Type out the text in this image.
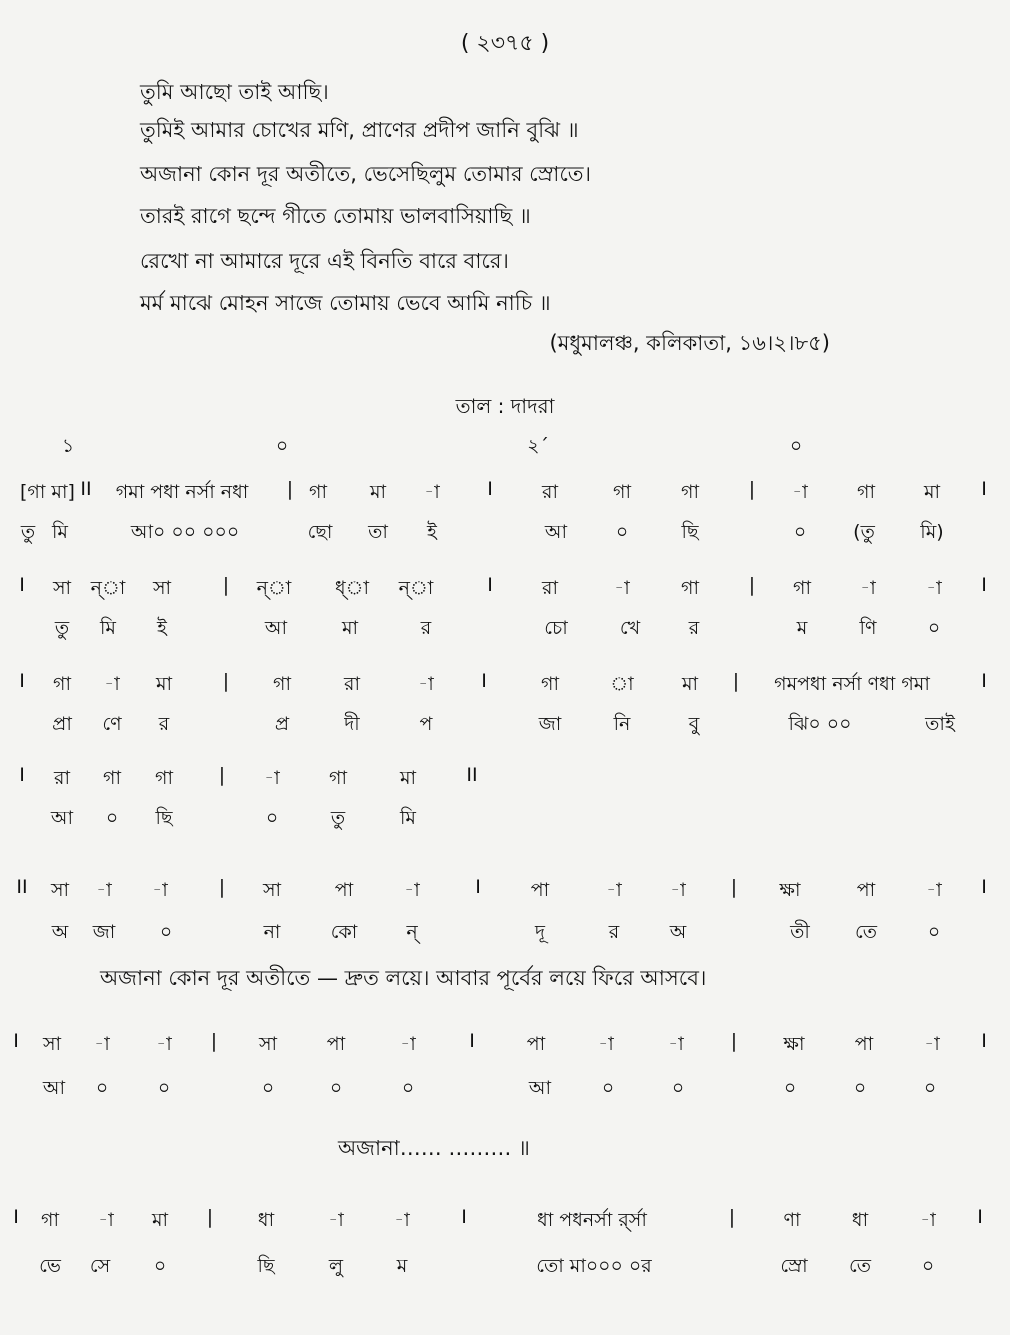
( ২৩৭৫ )
তুমি আছো তাই আছি।
তুমিই আমার চোখের মণি, প্রাণের প্রদীপ জানি বুঝি ॥
অজানা কোন দূর অতীতে, ভেসেছিলুম তোমার স্রোতে।
তারই রাগে ছন্দে গীতে তোমায় ভালবাসিয়াছি ॥
রেখো না আমারে দূরে এই বিনতি বারে বারে।
মর্ম মাঝে মোহন সাজে তোমায় ভেবে আমি নাচি ॥
(মধুমালঞ্চ, কলিকাতা, ১৬।২।৮৫)
তাল : দাদরা
১	০	২´	০
[গা মা] II গমা পধা নর্সা নধা | গা মা -া I	রা	গা	গা	| -া	গা	মা I
তু মি	আ০ ০০ ০০০	ছো তা ই	আ	০	ছি	০ (তু মি)
I সা ন্‌া সা	| ন্‌া ধ্‌া ন্‌া	I	রা	-া	গা	| গা	-া	-া I
তু মি ই	আ	মা	র	চো	খে	র	ম	ণি	০
I গা -া মা	| গা	রা	-া I	গা	া	মা | গমপধা নর্সা ণধা গমা	I
প্রা ণে র	প্র	দী	প	জা	নি	বু	ঝি০ ০০	তাই
I রা গা গা | -া	গা	মা	II
আ ০ ছি	০	তু	মি
II সা -া -া	| সা	পা	-া	I	পা	-া	-া | ক্ষা	পা	-া I
অ জা ০	না	কো	ন্	দূ	র	অ	তী তে	০
অজানা কোন দূর অতীতে — দ্রুত লয়ে। আবার পূর্বের লয়ে ফিরে আসবে।
I সা -া -া | সা	পা	-া	I	পা	-া	-া | ক্ষা	পা	-া I
আ ০	০	০	০	০	আ	০	০	০	০	০
অজানা…… ……… ॥
I গা -া মা | ধা	-া	-া	I	ধা পধনর্সা র্র্সা	|	ণা	ধা	-া I
ভে সে ০	ছি	লু	ম	তো মা০০০ ০র	স্রো তে	০
